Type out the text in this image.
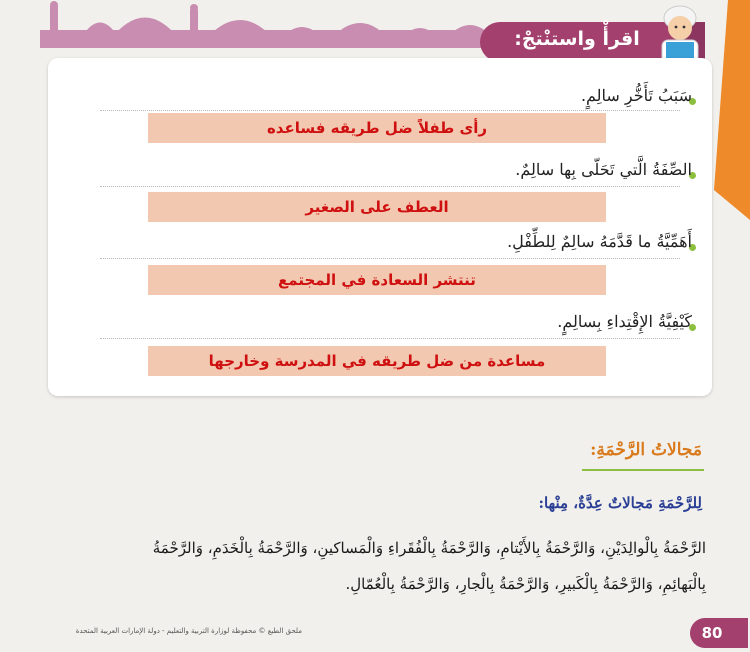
اقرأْ واستنْتجْ:
سَبَبُ تَأَخُّرِ سالِمٍ.
رأى طفلاً ضل طريقه فساعده
الصِّفَةُ الَّتي تَحَلّى بِها سالِمٌ.
العطف على الصغير
أَهَمِّيَّةُ ما قَدَّمَهُ سالِمٌ لِلطِّفْلِ.
تنتشر السعادة في المجتمع
كَيْفِيَّةُ الإِقْتِداءِ بِسالِمٍ.
مساعدة من ضل طريقه في المدرسة وخارجها
مَجالاتُ الرَّحْمَةِ:
لِلرَّحْمَةِ مَجالاتٌ عِدَّةٌ، مِنْها:
الرَّحْمَةُ بِالْوالِدَيْنِ، وَالرَّحْمَةُ بِالأَيْتامِ، وَالرَّحْمَةُ بِالْفُقَراءِ وَالْمَساكينِ، وَالرَّحْمَةُ بِالْخَدَمِ، وَالرَّحْمَةُ
بِالْبَهائِمِ، وَالرَّحْمَةُ بِالْكَبيرِ، وَالرَّحْمَةُ بِالْجارِ، وَالرَّحْمَةُ بِالْعُمّالِ.
ملحق الطبع © محفوظة لوزارة التربية والتعليم - دولة الإمارات العربية المتحدة	80
